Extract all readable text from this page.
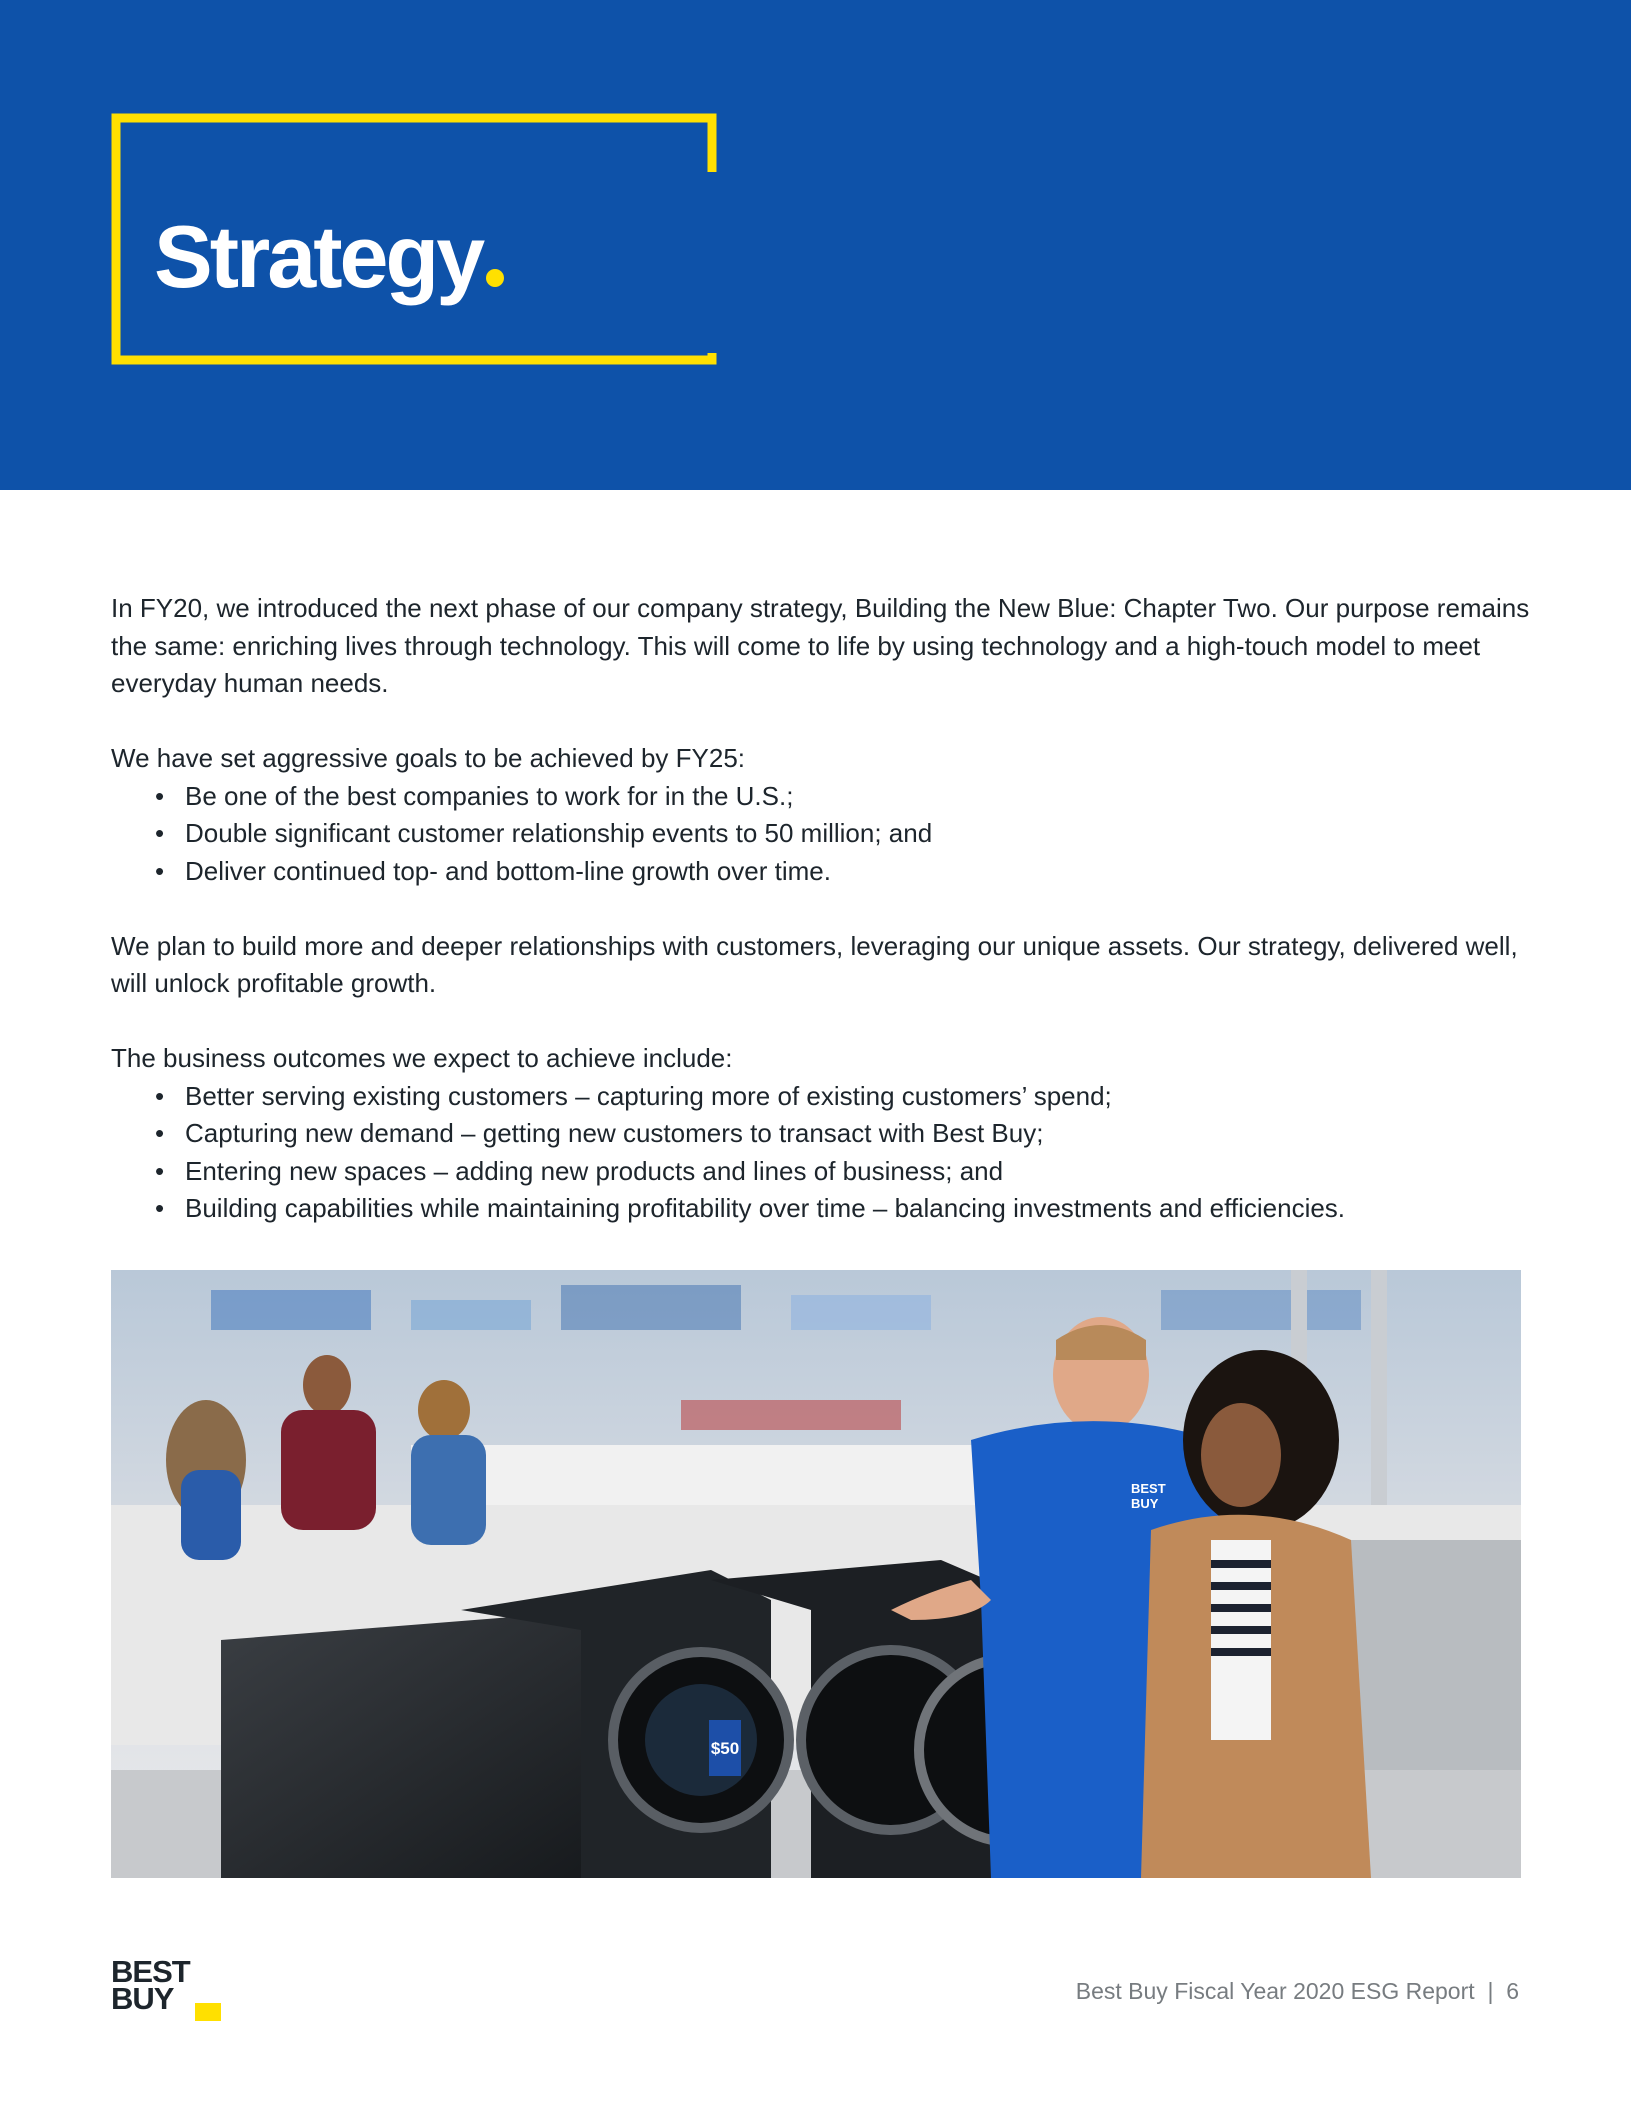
Strategy

In FY20, we introduced the next phase of our company strategy, Building the New Blue: Chapter Two. Our purpose remains the same: enriching lives through technology. This will come to life by using technology and a high-touch model to meet everyday human needs.

We have set aggressive goals to be achieved by FY25:

• Be one of the best companies to work for in the U.S.;
• Double significant customer relationship events to 50 million; and
• Deliver continued top- and bottom-line growth over time.

We plan to build more and deeper relationships with customers, leveraging our unique assets. Our strategy, delivered well, will unlock profitable growth.

The business outcomes we expect to achieve include:

• Better serving existing customers – capturing more of existing customers’ spend;
• Capturing new demand – getting new customers to transact with Best Buy;
• Entering new spaces – adding new products and lines of business; and
• Building capabilities while maintaining profitability over time – balancing investments and efficiencies.
$50
BEST
BUY
BEST
BUY	Best Buy Fiscal Year 2020 ESG Report | 6
